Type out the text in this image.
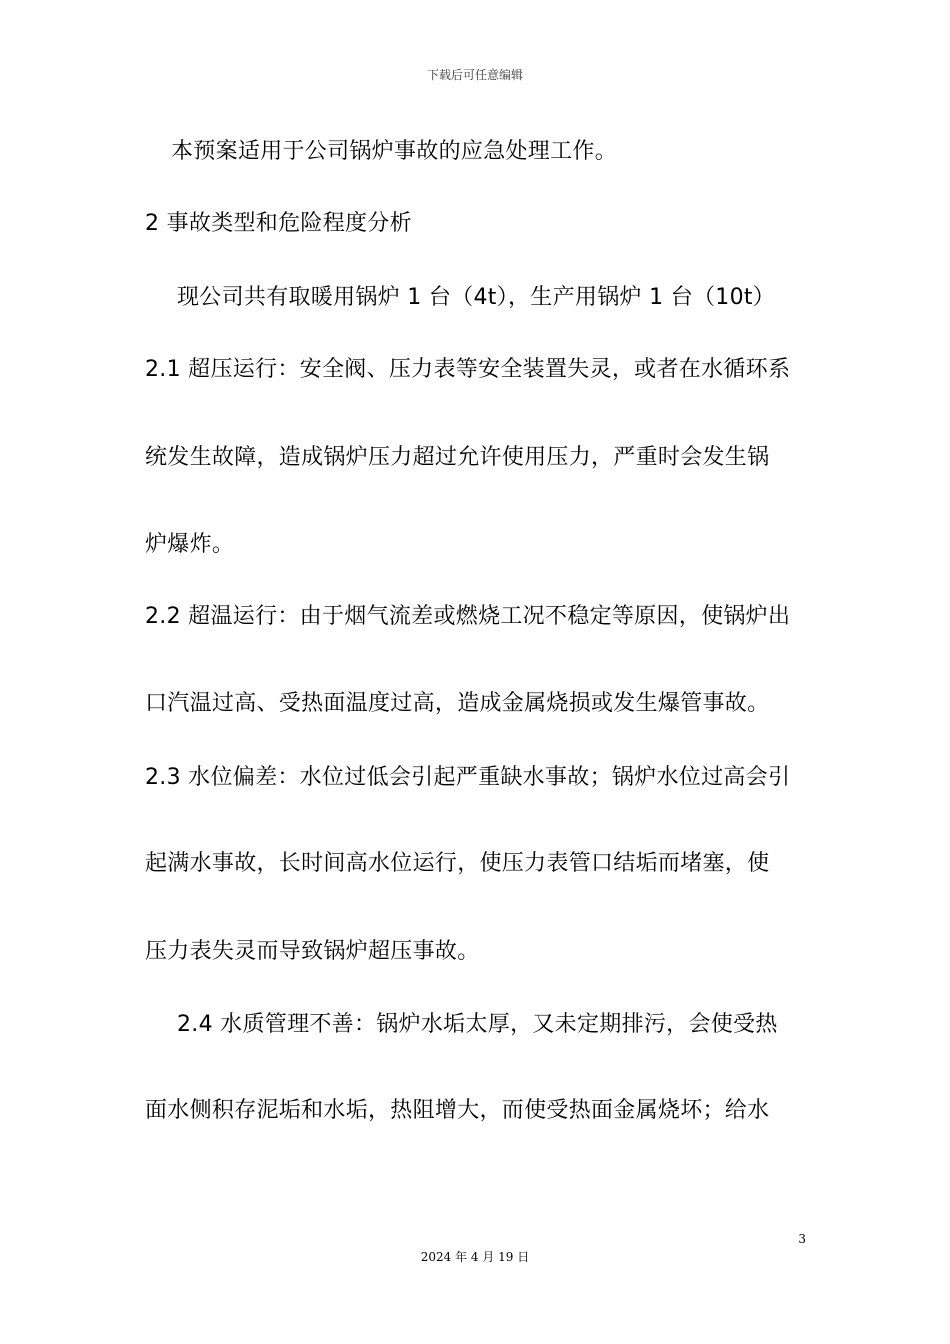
下载后可任意编辑
本预案适用于公司锅炉事故的应急处理工作。
2 事故类型和危险程度分析
现公司共有取暖用锅炉 1 台（4t），生产用锅炉 1 台（10t）
2.1 超压运行：安全阀、压力表等安全装置失灵，或者在水循环系
统发生故障，造成锅炉压力超过允许使用压力，严重时会发生锅
炉爆炸。
2.2 超温运行：由于烟气流差或燃烧工况不稳定等原因，使锅炉出
口汽温过高、受热面温度过高，造成金属烧损或发生爆管事故。
2.3 水位偏差：水位过低会引起严重缺水事故；锅炉水位过高会引
起满水事故，长时间高水位运行，使压力表管口结垢而堵塞，使
压力表失灵而导致锅炉超压事故。
2.4 水质管理不善：锅炉水垢太厚，又未定期排污，会使受热
面水侧积存泥垢和水垢，热阻增大，而使受热面金属烧坏；给水
3
2024 年 4 月 19 日
